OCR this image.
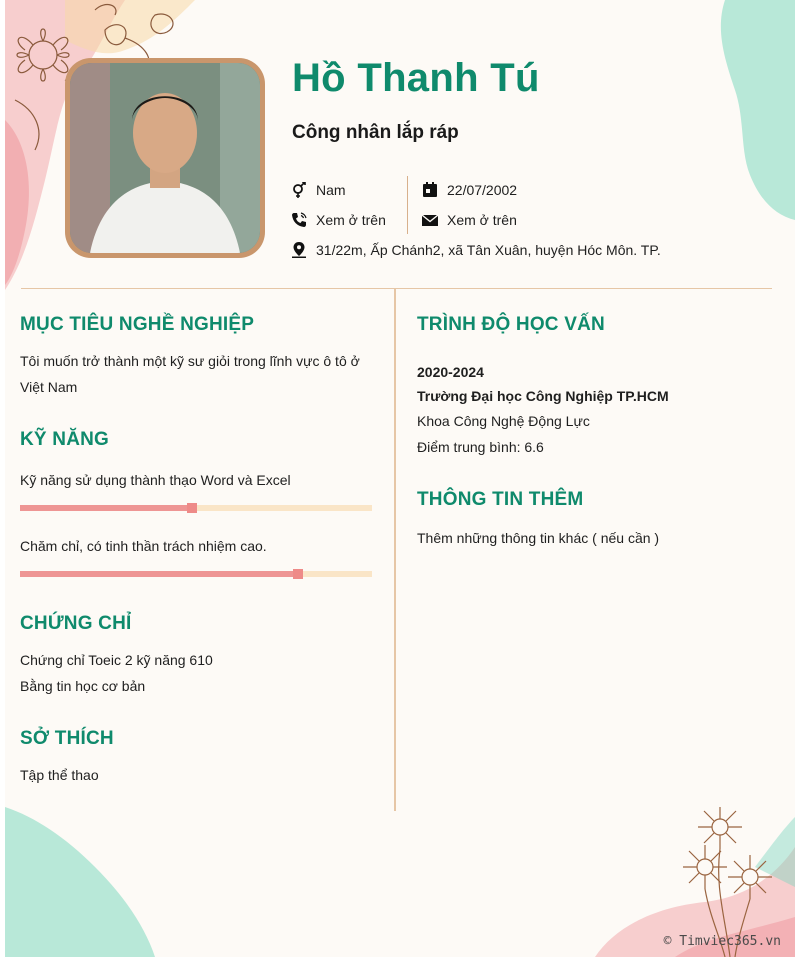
Hồ Thanh Tú
Công nhân lắp ráp
Nam	22/07/2002
Xem ở trên	Xem ở trên
31/22m, Ấp Chánh2, xã Tân Xuân, huyện Hóc Môn. TP.
MỤC TIÊU NGHỀ NGHIỆP
Tôi muốn trở thành một kỹ sư giỏi trong lĩnh vực ô tô ở Việt Nam
KỸ NĂNG
Kỹ năng sử dụng thành thạo Word và Excel
Chăm chỉ, có tinh thần trách nhiệm cao.
CHỨNG CHỈ
Chứng chỉ Toeic 2 kỹ năng 610
Bằng tin học cơ bản
SỞ THÍCH
Tập thể thao
TRÌNH ĐỘ HỌC VẤN
2020-2024
Trường Đại học Công Nghiệp TP.HCM
Khoa Công Nghệ Động Lực
Điểm trung bình: 6.6
THÔNG TIN THÊM
Thêm những thông tin khác ( nếu cần )
© Timviec365.vn
